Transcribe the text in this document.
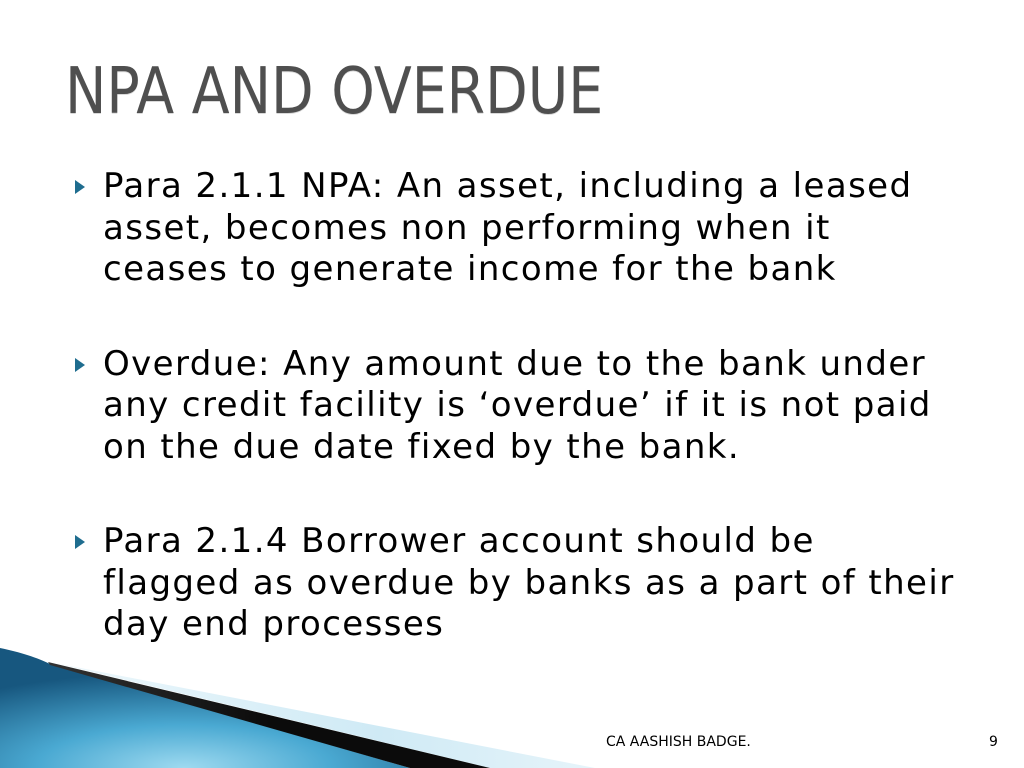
NPA AND OVERDUE
Para 2.1.1 NPA: An asset, including a leased
asset, becomes non performing when it
ceases to generate income for the bank
Overdue: Any amount due to the bank under
any credit facility is ‘overdue’ if it is not paid
on the due date fixed by the bank.
Para 2.1.4 Borrower account should be
flagged as overdue by banks as a part of their
day end processes
CA AASHISH BADGE.	9
